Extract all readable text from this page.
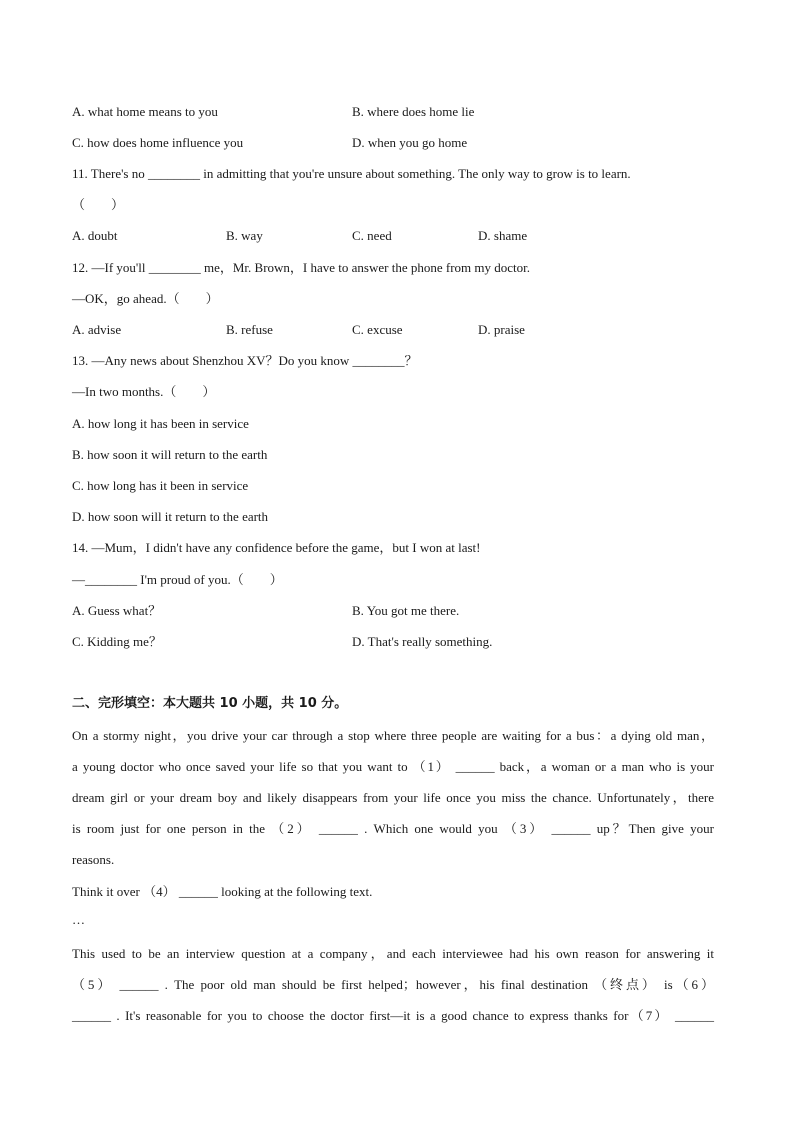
A. what home means to you	B. where does home lie
C. how does home influence you	D. when you go home
11. There's no ________ in admitting that you're unsure about something. The only way to grow is to learn.
（　　）
A. doubt	B. way	C. need	D. shame
12. —If you'll ________ me，Mr. Brown，I have to answer the phone from my doctor.
—OK，go ahead.（　　）
A. advise	B. refuse	C. excuse	D. praise
13. —Any news about Shenzhou XV？Do you know ________？
—In two months.（　　）
A. how long it has been in service
B. how soon it will return to the earth
C. how long has it been in service
D. how soon will it return to the earth
14. —Mum，I didn't have any confidence before the game，but I won at last!
—________ I'm proud of you.（　　）
A. Guess what？	B. You got me there.
C. Kidding me？	D. That's really something.
二、完形填空：本大题共 10 小题，共 10 分。
On a stormy night，you drive your car through a stop where three people are waiting for a bus：a dying old man，
a young doctor who once saved your life so that you want to （1） ______ back，a woman or a man who is your
dream girl or your dream boy and likely disappears from your life once you miss the chance. Unfortunately，there
is room just for one person in the （2） ______ . Which one would you （3） ______ up？Then give your
reasons.
Think it over （4） ______ looking at the following text.
…
This used to be an interview question at a company，and each interviewee had his own reason for answering it
（5） ______ . The poor old man should be first helped；however，his final destination （终点） is（6）
______ . It's reasonable for you to choose the doctor first—it is a good chance to express thanks for（7） ______
